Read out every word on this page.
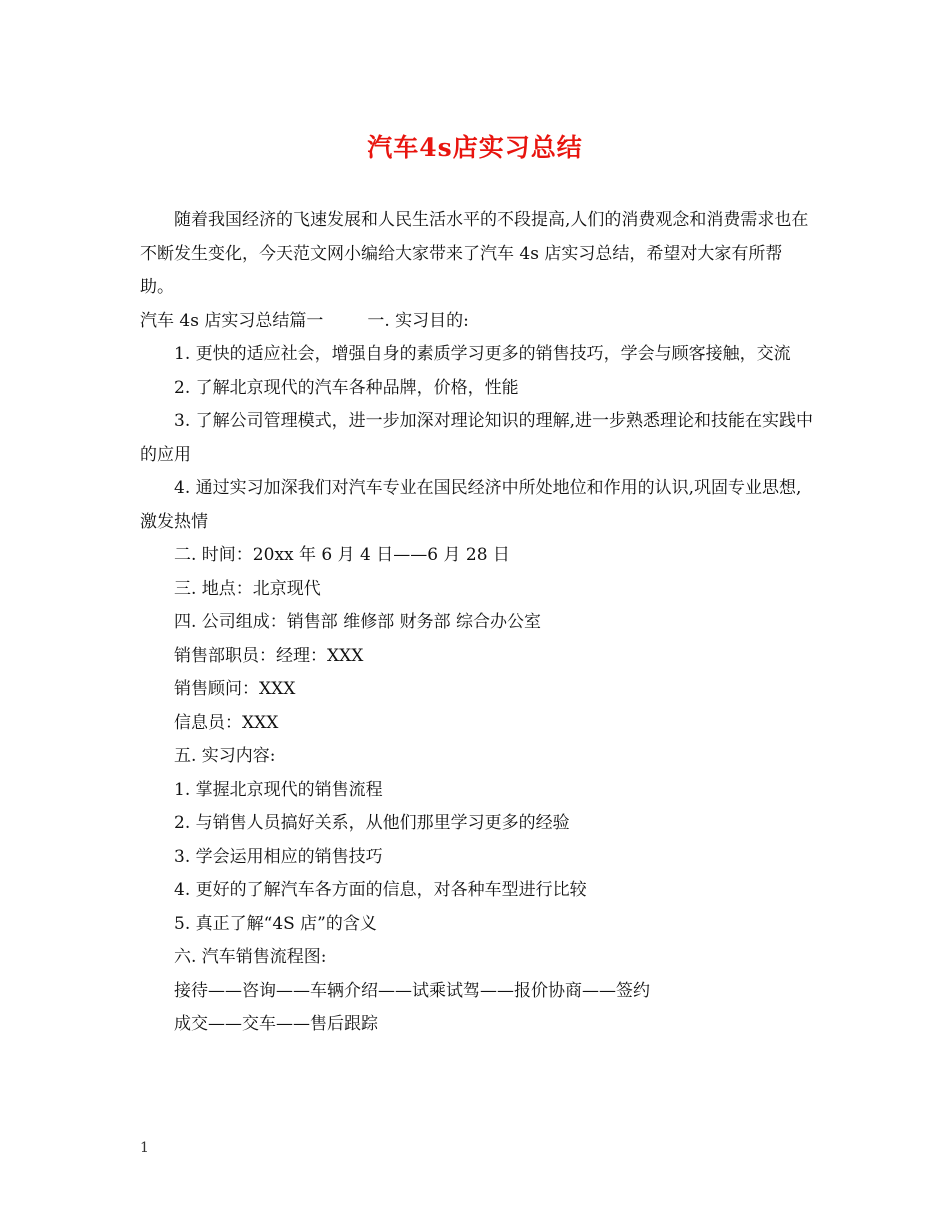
汽车4s店实习总结

随着我国经济的飞速发展和人民生活水平的不段提高,人们的消费观念和消费需求也在不断发生变化，今天范文网小编给大家带来了汽车 4s 店实习总结，希望对大家有所帮助。

汽车 4s 店实习总结篇一	一. 实习目的:

1. 更快的适应社会，增强自身的素质学习更多的销售技巧，学会与顾客接触，交流

2. 了解北京现代的汽车各种品牌，价格，性能

3. 了解公司管理模式，进一步加深对理论知识的理解,进一步熟悉理论和技能在实践中的应用

4. 通过实习加深我们对汽车专业在国民经济中所处地位和作用的认识,巩固专业思想,激发热情

二. 时间：20xx 年 6 月 4 日——6 月 28 日

三. 地点：北京现代

四. 公司组成：销售部 维修部 财务部 综合办公室

销售部职员：经理：XXX

销售顾问：XXX

信息员：XXX

五. 实习内容:

1. 掌握北京现代的销售流程

2. 与销售人员搞好关系，从他们那里学习更多的经验

3. 学会运用相应的销售技巧

4. 更好的了解汽车各方面的信息，对各种车型进行比较

5. 真正了解“4S 店”的含义

六. 汽车销售流程图:

接待——咨询——车辆介绍——试乘试驾——报价协商——签约

成交——交车——售后跟踪

1
